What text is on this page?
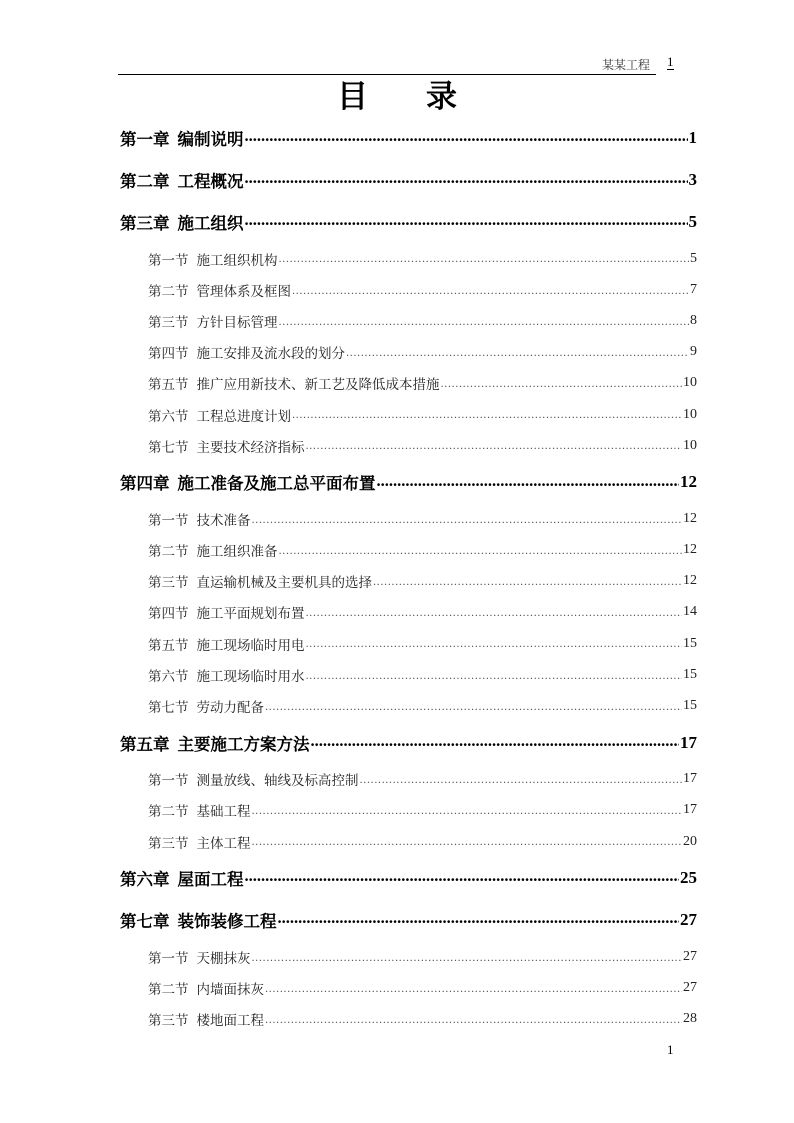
某某工程 1
目录
第一章 编制说明 .....	1
第二章 工程概况 .....	3
第三章 施工组织 .....	5
第一节 施工组织机构 .....	5
第二节 管理体系及框图 .....	7
第三节 方针目标管理 .....	8
第四节 施工安排及流水段的划分 .....	9
第五节 推广应用新技术、新工艺及降低成本措施 .....	10
第六节 工程总进度计划 .....	10
第七节 主要技术经济指标 .....	10
第四章 施工准备及施工总平面布置 .....	12
第一节 技术准备 .....	12
第二节 施工组织准备 .....	12
第三节 直运输机械及主要机具的选择 .....	12
第四节 施工平面规划布置 .....	14
第五节 施工现场临时用电 .....	15
第六节 施工现场临时用水 .....	15
第七节 劳动力配备 .....	15
第五章 主要施工方案方法 .....	17
第一节 测量放线、轴线及标高控制 .....	17
第二节 基础工程 .....	17
第三节 主体工程 .....	20
第六章 屋面工程 .....	25
第七章 装饰装修工程 .....	27
第一节 天棚抹灰 .....	27
第二节 内墙面抹灰 .....	27
第三节 楼地面工程 .....	28
1
